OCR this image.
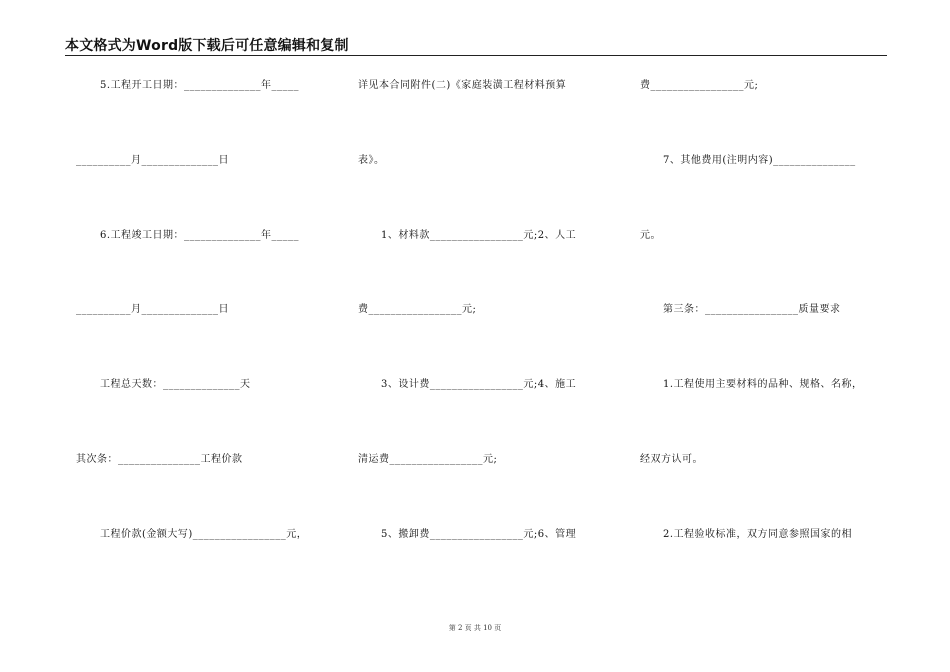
本文格式为Word版下载后可任意编辑和复制
5.工程开工日期：______________年_____
__________月______________日
6.工程竣工日期：______________年_____
__________月______________日
工程总天数：______________天
其次条：_______________工程价款
工程价款(金额大写)_________________元，
详见本合同附件(二)《家庭装潢工程材料预算
表》。
1、材料款_________________元;2、人工
费_________________元;
3、设计费_________________元;4、施工
清运费_________________元;
5、搬卸费_________________元;6、管理
费_________________元;
7、其他费用(注明内容)_______________
元。
第三条：_________________质量要求
1.工程使用主要材料的品种、规格、名称，
经双方认可。
2.工程验收标准，双方同意参照国家的相
第 2 页 共 10 页
